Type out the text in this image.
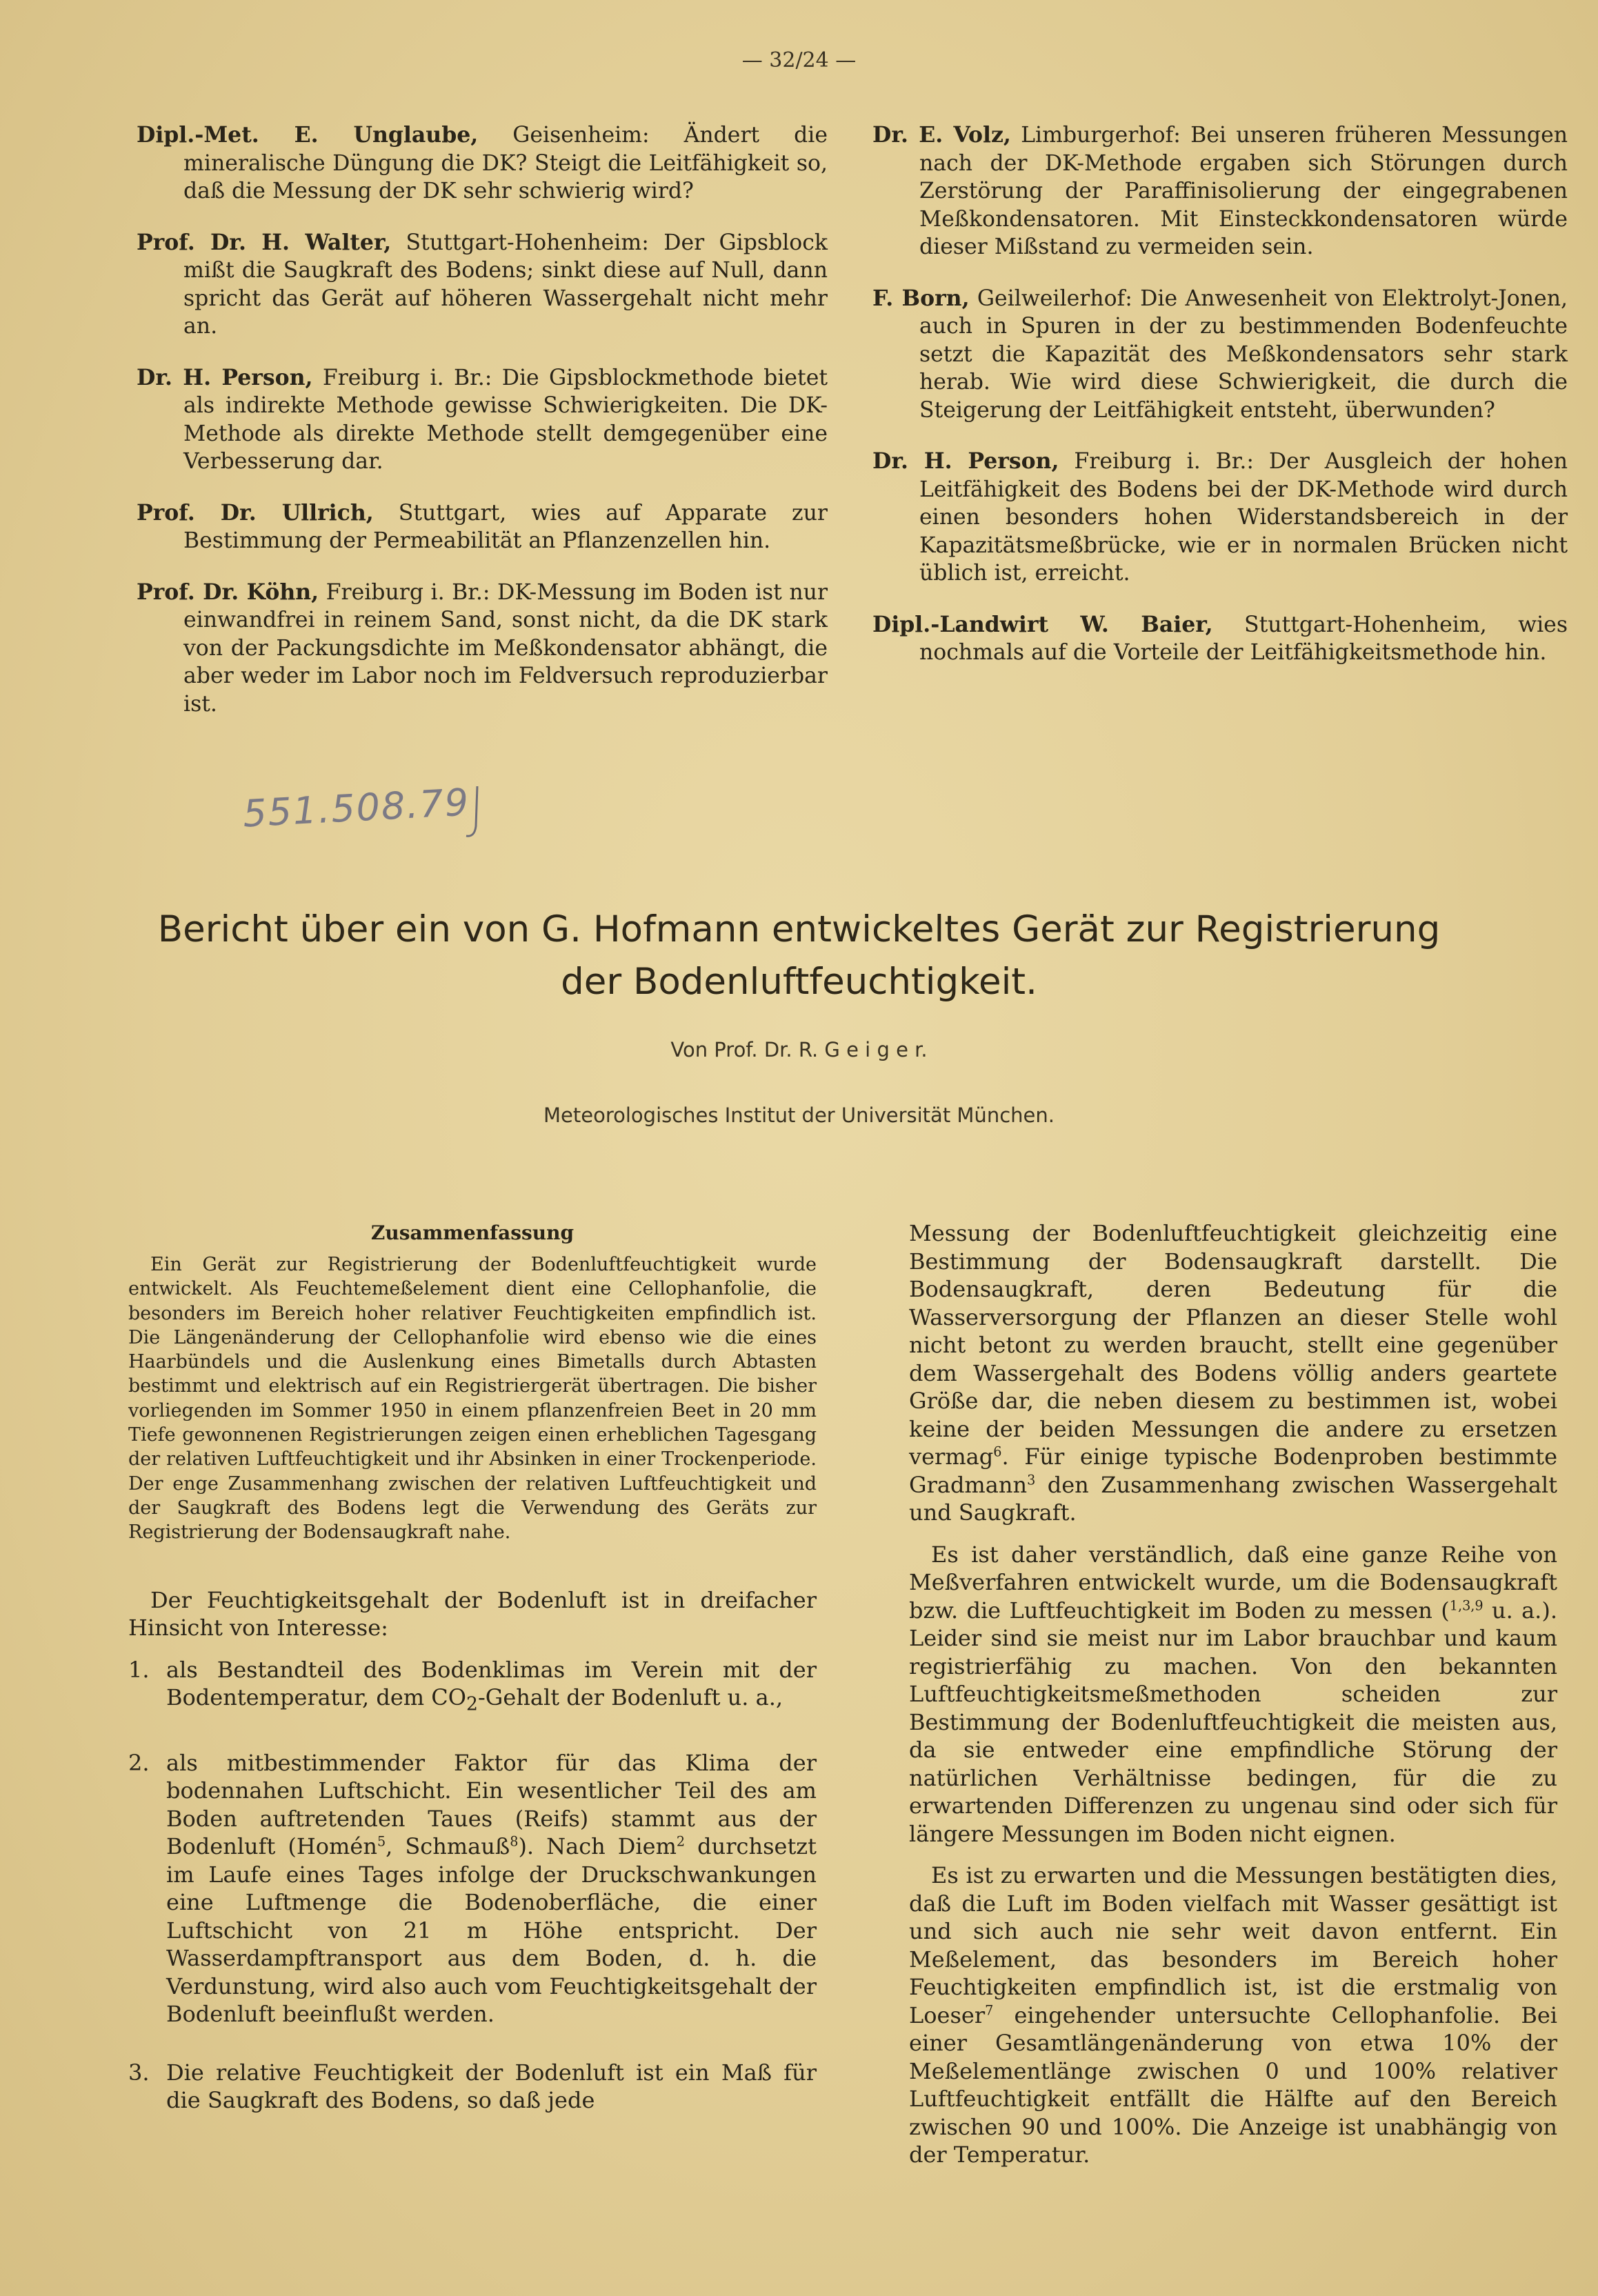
— 32/24 —

Dipl.-Met. E. Unglaube, Geisenheim: Ändert die mineralische Düngung die DK? Steigt die Leitfähigkeit so, daß die Messung der DK sehr schwierig wird?

Prof. Dr. H. Walter, Stuttgart-Hohenheim: Der Gipsblock mißt die Saugkraft des Bodens; sinkt diese auf Null, dann spricht das Gerät auf höheren Wassergehalt nicht mehr an.

Dr. H. Person, Freiburg i. Br.: Die Gipsblockmethode bietet als indirekte Methode gewisse Schwierigkeiten. Die DK-Methode als direkte Methode stellt demgegenüber eine Verbesserung dar.

Prof. Dr. Ullrich, Stuttgart, wies auf Apparate zur Bestimmung der Permeabilität an Pflanzenzellen hin.

Prof. Dr. Köhn, Freiburg i. Br.: DK-Messung im Boden ist nur einwandfrei in reinem Sand, sonst nicht, da die DK stark von der Packungsdichte im Meßkondensator abhängt, die aber weder im Labor noch im Feldversuch reproduzierbar ist.

Dr. E. Volz, Limburgerhof: Bei unseren früheren Messungen nach der DK-Methode ergaben sich Störungen durch Zerstörung der Paraffinisolierung der eingegrabenen Meßkondensatoren. Mit Einsteckkondensatoren würde dieser Mißstand zu vermeiden sein.

F. Born, Geilweilerhof: Die Anwesenheit von Elektrolyt-Jonen, auch in Spuren in der zu bestimmenden Bodenfeuchte setzt die Kapazität des Meßkondensators sehr stark herab. Wie wird diese Schwierigkeit, die durch die Steigerung der Leitfähigkeit entsteht, überwunden?

Dr. H. Person, Freiburg i. Br.: Der Ausgleich der hohen Leitfähigkeit des Bodens bei der DK-Methode wird durch einen besonders hohen Widerstandsbereich in der Kapazitätsmeßbrücke, wie er in normalen Brücken nicht üblich ist, erreicht.

Dipl.-Landwirt W. Baier, Stuttgart-Hohenheim, wies nochmals auf die Vorteile der Leitfähigkeitsmethode hin.

551.508.79
Bericht über ein von G. Hofmann entwickeltes Gerät zur Registrierung
der Bodenluftfeuchtigkeit.
Von Prof. Dr. R. G e i g e r.
Meteorologisches Institut der Universität München.
Zusammenfassung

Ein Gerät zur Registrierung der Bodenluftfeuchtigkeit wurde entwickelt. Als Feuchtemeßelement dient eine Cellophanfolie, die besonders im Bereich hoher relativer Feuchtigkeiten empfindlich ist. Die Längenänderung der Cellophanfolie wird ebenso wie die eines Haarbündels und die Auslenkung eines Bimetalls durch Abtasten bestimmt und elektrisch auf ein Registriergerät übertragen. Die bisher vorliegenden im Sommer 1950 in einem pflanzenfreien Beet in 20 mm Tiefe gewonnenen Registrierungen zeigen einen erheblichen Tagesgang der relativen Luftfeuchtigkeit und ihr Absinken in einer Trockenperiode. Der enge Zusammenhang zwischen der relativen Luftfeuchtigkeit und der Saugkraft des Bodens legt die Verwendung des Geräts zur Registrierung der Bodensaugkraft nahe.

Der Feuchtigkeitsgehalt der Bodenluft ist in dreifacher Hinsicht von Interesse:

1. als Bestandteil des Bodenklimas im Verein mit der Bodentemperatur, dem $CO_2$-Gehalt der Bodenluft u. a.,
2. als mitbestimmender Faktor für das Klima der bodennahen Luftschicht. Ein wesentlicher Teil des am Boden auftretenden Taues (Reifs) stammt aus der Bodenluft (Homén$^5$, Schmauß$^8$). Nach Diem$^2$ durchsetzt im Laufe eines Tages infolge der Druckschwankungen eine Luftmenge die Bodenoberfläche, die einer Luftschicht von 21 m Höhe entspricht. Der Wasserdampftransport aus dem Boden, d. h. die Verdunstung, wird also auch vom Feuchtigkeitsgehalt der Bodenluft beeinflußt werden.
3. Die relative Feuchtigkeit der Bodenluft ist ein Maß für die Saugkraft des Bodens, so daß jede

Messung der Bodenluftfeuchtigkeit gleichzeitig eine Bestimmung der Bodensaugkraft darstellt. Die Bodensaugkraft, deren Bedeutung für die Wasserversorgung der Pflanzen an dieser Stelle wohl nicht betont zu werden braucht, stellt eine gegenüber dem Wassergehalt des Bodens völlig anders geartete Größe dar, die neben diesem zu bestimmen ist, wobei keine der beiden Messungen die andere zu ersetzen vermag$^6$. Für einige typische Bodenproben bestimmte Gradmann$^3$ den Zusammenhang zwischen Wassergehalt und Saugkraft.

Es ist daher verständlich, daß eine ganze Reihe von Meßverfahren entwickelt wurde, um die Bodensaugkraft bzw. die Luftfeuchtigkeit im Boden zu messen ($^{1,3,9}$ u. a.). Leider sind sie meist nur im Labor brauchbar und kaum registrierfähig zu machen. Von den bekannten Luftfeuchtigkeitsmeßmethoden scheiden zur Bestimmung der Bodenluftfeuchtigkeit die meisten aus, da sie entweder eine empfindliche Störung der natürlichen Verhältnisse bedingen, für die zu erwartenden Differenzen zu ungenau sind oder sich für längere Messungen im Boden nicht eignen.

Es ist zu erwarten und die Messungen bestätigten dies, daß die Luft im Boden vielfach mit Wasser gesättigt ist und sich auch nie sehr weit davon entfernt. Ein Meßelement, das besonders im Bereich hoher Feuchtigkeiten empfindlich ist, ist die erstmalig von Loeser$^7$ eingehender untersuchte Cellophanfolie. Bei einer Gesamtlängenänderung von etwa 10% der Meßelementlänge zwischen 0 und 100% relativer Luftfeuchtigkeit entfällt die Hälfte auf den Bereich zwischen 90 und 100%. Die Anzeige ist unabhängig von der Temperatur.
